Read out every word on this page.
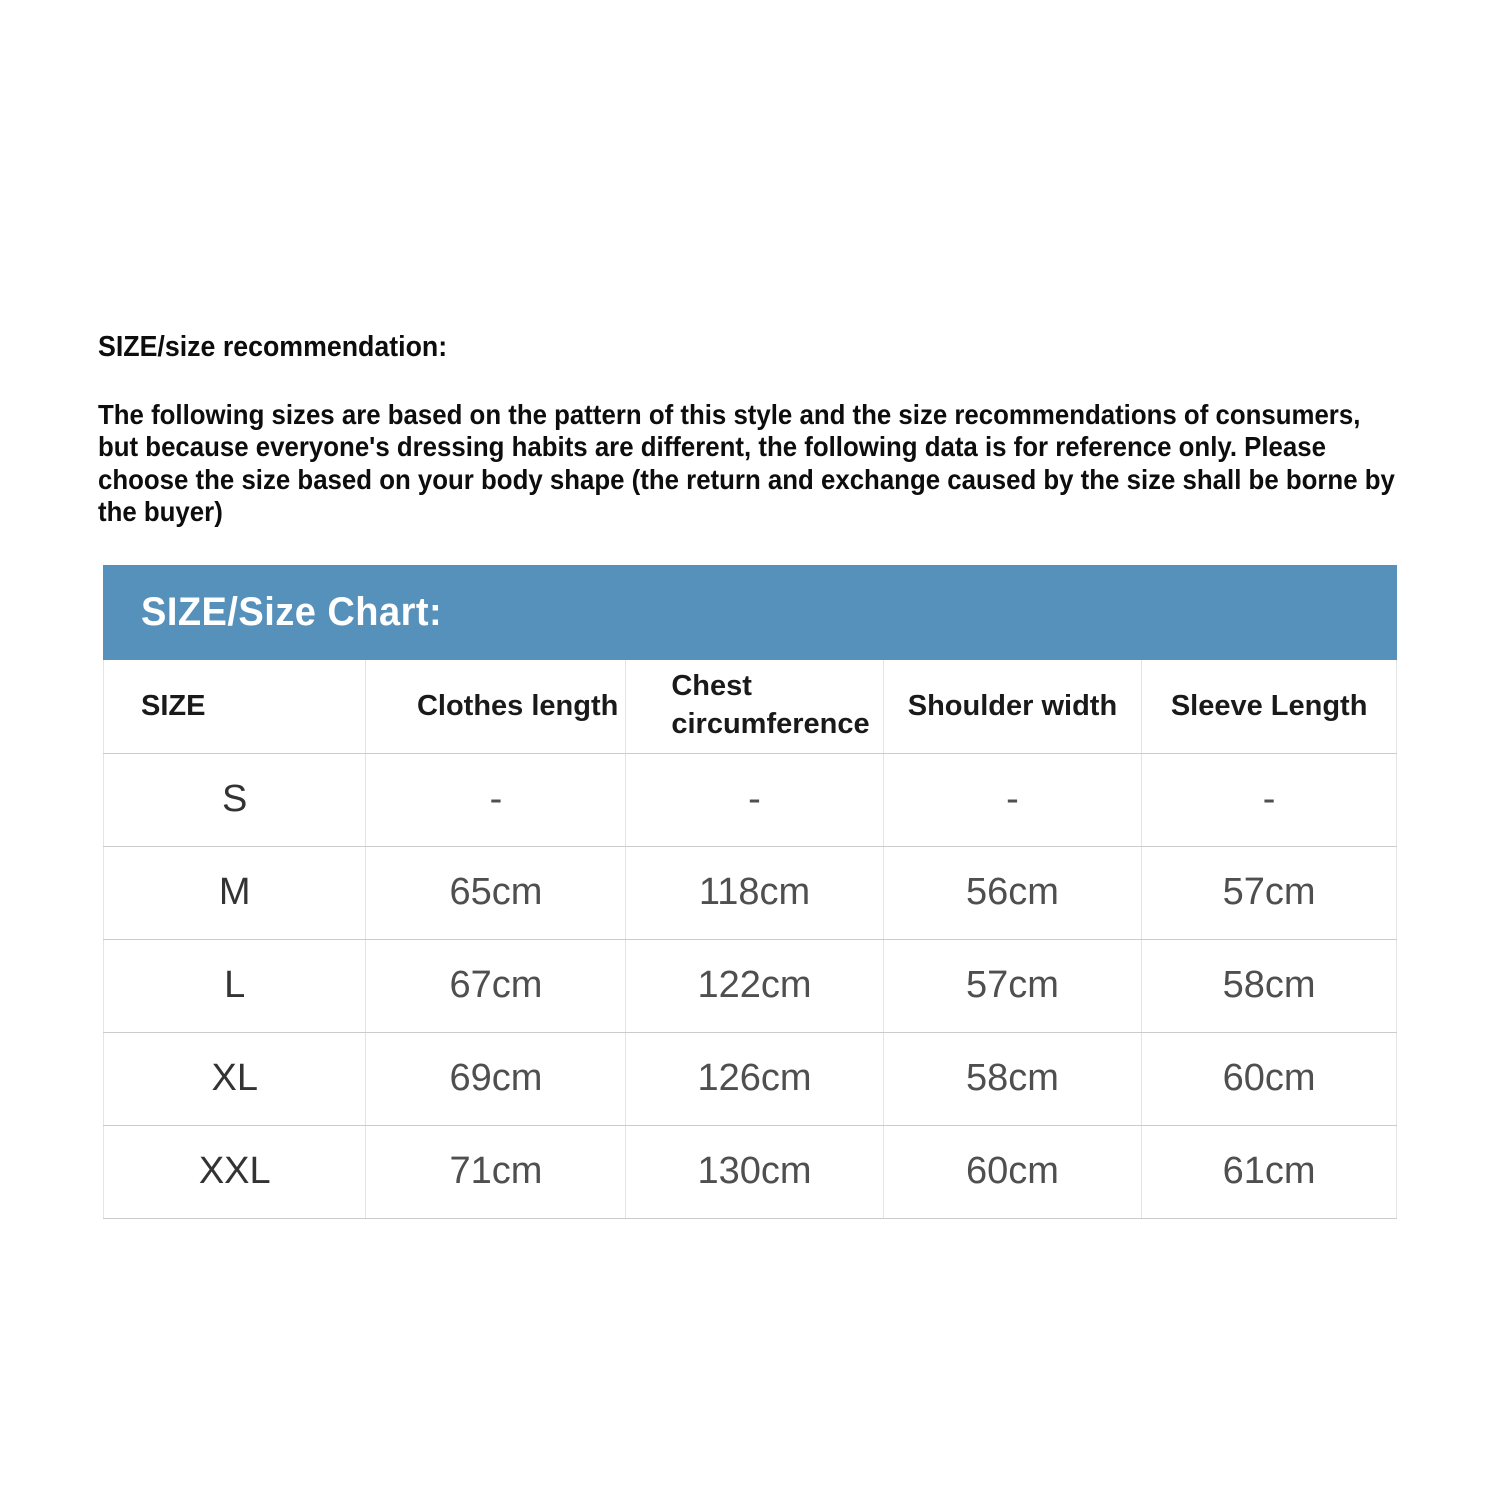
SIZE/size recommendation:

The following sizes are based on the pattern of this style and the size recommendations of consumers, but because everyone's dressing habits are different, the following data is for reference only. Please choose the size based on your body shape (the return and exchange caused by the size shall be borne by the buyer)

SIZE/Size Chart:
SIZE	Clothes length	Chest circumference	Shoulder width	Sleeve Length
S	-	-	-	-
M	65cm	118cm	56cm	57cm
L	67cm	122cm	57cm	58cm
XL	69cm	126cm	58cm	60cm
XXL	71cm	130cm	60cm	61cm
